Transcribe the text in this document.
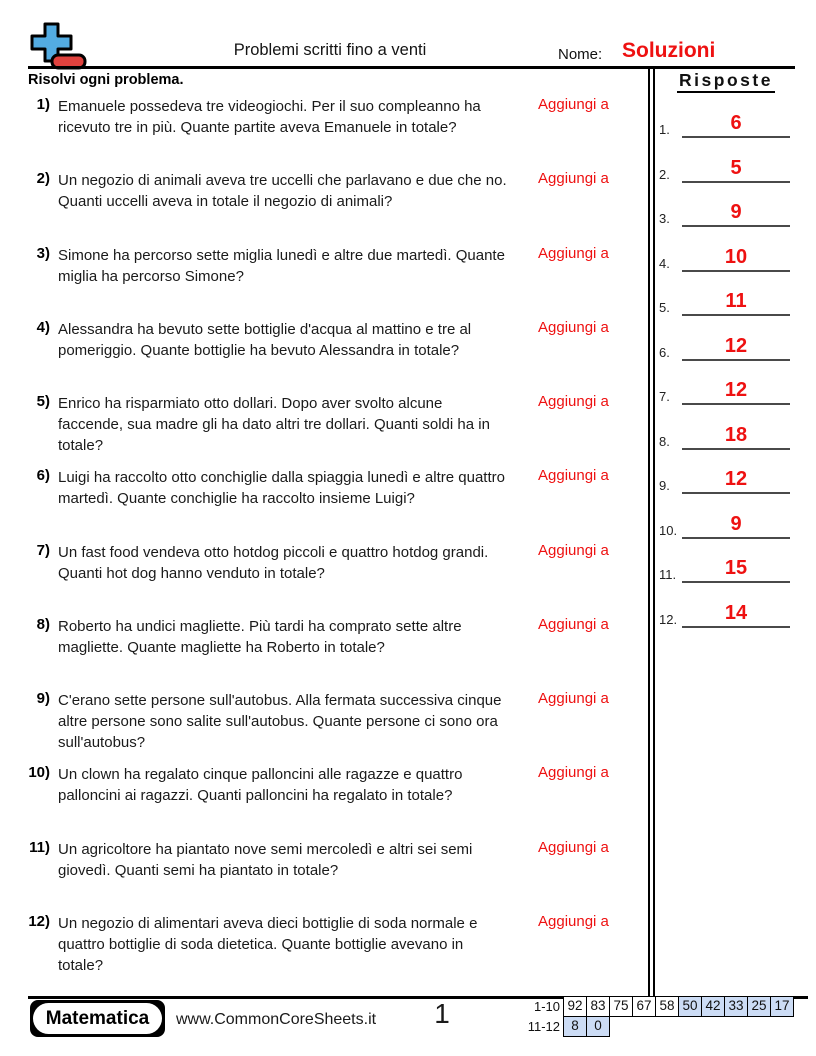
Problemi scritti fino a venti	Nome: Soluzioni
Risolvi ogni problema.	Risposte
1.	6
2.	5
3.	9
4.	10
5.	11
6.	12
7.	12
8.	18
9.	12
10.	9
11. 15
12. 14
1) Emanuele possedeva tre videogiochi. Per il suo compleanno ha ricevuto tre in più. Quante partite aveva Emanuele in totale?
Aggiungi a
2) Un negozio di animali aveva tre uccelli che parlavano e due che no. Quanti uccelli aveva in totale il negozio di animali?
Aggiungi a
3) Simone ha percorso sette miglia lunedì e altre due martedì. Quante miglia ha percorso Simone?
Aggiungi a
4) Alessandra ha bevuto sette bottiglie d'acqua al mattino e tre al pomeriggio. Quante bottiglie ha bevuto Alessandra in totale?
Aggiungi a
5) Enrico ha risparmiato otto dollari. Dopo aver svolto alcune faccende, sua madre gli ha dato altri tre dollari. Quanti soldi ha in totale?
Aggiungi a
6) Luigi ha raccolto otto conchiglie dalla spiaggia lunedì e altre quattro martedì. Quante conchiglie ha raccolto insieme Luigi?
Aggiungi a
7) Un fast food vendeva otto hotdog piccoli e quattro hotdog grandi. Quanti hot dog hanno venduto in totale?
Aggiungi a
8) Roberto ha undici magliette. Più tardi ha comprato sette altre magliette. Quante magliette ha Roberto in totale?
Aggiungi a
9) C'erano sette persone sull'autobus. Alla fermata successiva cinque altre persone sono salite sull'autobus. Quante persone ci sono ora sull'autobus?
Aggiungi a
10) Un clown ha regalato cinque palloncini alle ragazze e quattro palloncini ai ragazzi. Quanti palloncini ha regalato in totale?
Aggiungi a
11) Un agricoltore ha piantato nove semi mercoledì e altri sei semi giovedì. Quanti semi ha piantato in totale?
Aggiungi a
12) Un negozio di alimentari aveva dieci bottiglie di soda normale e quattro bottiglie di soda dietetica. Quante bottiglie avevano in totale?
Aggiungi a
Matematica	www.CommonCoreSheets.it	1	1-10 92 83 75 67 58 50 42 33 25 17
11-12 8	0
